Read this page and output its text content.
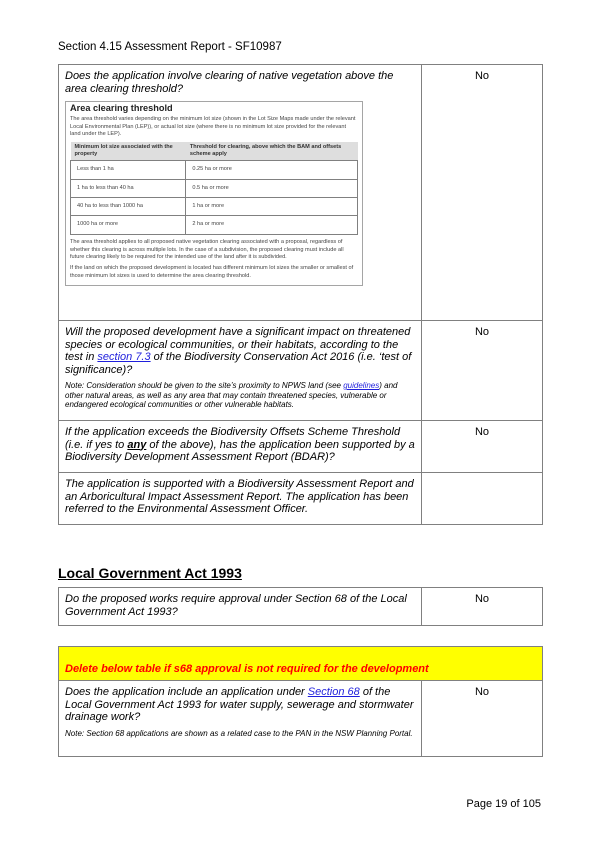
Section 4.15 Assessment Report - SF10987
Does the application involve clearing of native vegetation above the area clearing threshold?
Area clearing threshold

The area threshold varies depending on the minimum lot size (shown in the Lot Size Maps made under the relevant Local Environmental Plan (LEP)), or actual lot size (where there is no minimum lot size provided for the relevant land under the LEP).

Minimum lot size associated with the property	Threshold for clearing, above which the BAM and offsets scheme apply
Less than 1 ha	0.25 ha or more
1 ha to less than 40 ha	0.5 ha or more
40 ha to less than 1000 ha	1 ha or more
1000 ha or more	2 ha or more

The area threshold applies to all proposed native vegetation clearing associated with a proposal, regardless of whether this clearing is across multiple lots. In the case of a subdivision, the proposed clearing must include all future clearing likely to be required for the intended use of the land after it is subdivided.

If the land on which the proposed development is located has different minimum lot sizes the smaller or smallest of those minimum lot sizes is used to determine the area clearing threshold.

	No

Will the proposed development have a significant impact on threatened species or ecological communities, or their habitats, according to the test in section 7.3 of the Biodiversity Conservation Act 2016 (i.e. ‘test of significance)?
Note: Consideration should be given to the site’s proximity to NPWS land (see guidelines) and other natural areas, as well as any area that may contain threatened species, vulnerable or endangered ecological communities or other vulnerable habitats.
	No

If the application exceeds the Biodiversity Offsets Scheme Threshold (i.e. if yes to any of the above), has the application been supported by a Biodiversity Development Assessment Report (BDAR)?
	No

The application is supported with a Biodiversity Assessment Report and an Arboricultural Impact Assessment Report. The application has been referred to the Environmental Assessment Officer.

Local Government Act 1993
Do the proposed works require approval under Section 68 of the Local Government Act 1993?
	No
Delete below table if s68 approval is not required for the development

Does the application include an application under Section 68 of the Local Government Act 1993 for water supply, sewerage and stormwater drainage work?
Note: Section 68 applications are shown as a related case to the PAN in the NSW Planning Portal.
	No
Page 19 of 105
